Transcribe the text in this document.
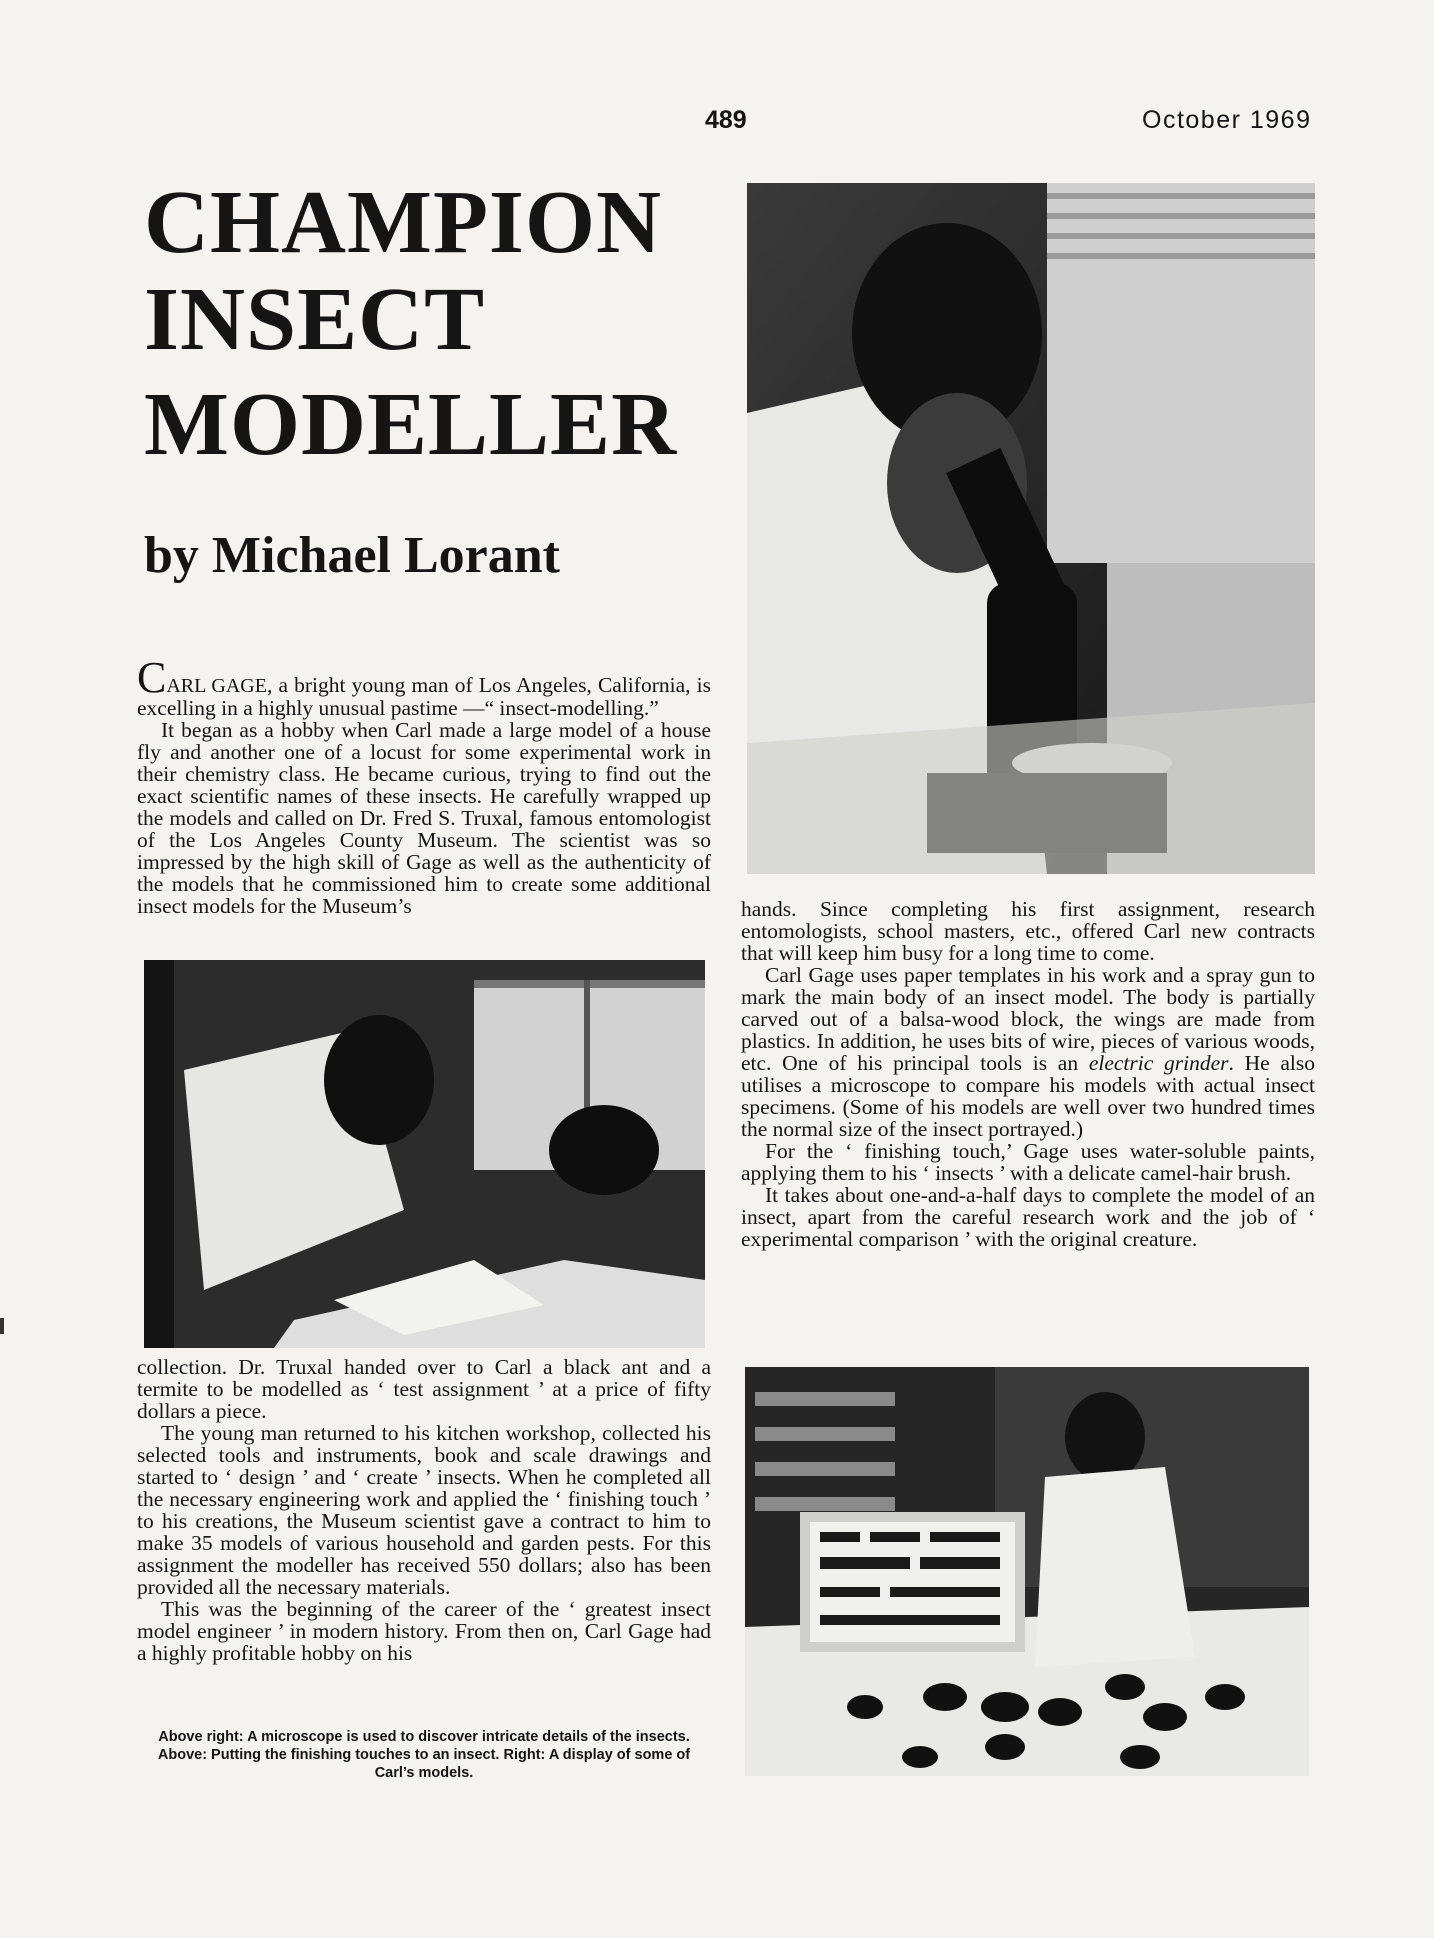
489	October 1969
CHAMPION
INSECT
MODELLER
by Michael Lorant

CARL GAGE, a bright young man of Los Angeles, California, is excelling in a highly unusual pastime —“ insect-modelling.”

It began as a hobby when Carl made a large model of a house fly and another one of a locust for some experimental work in their chemistry class. He became curious, trying to find out the exact scientific names of these insects. He carefully wrapped up the models and called on Dr. Fred S. Truxal, famous entomologist of the Los Angeles County Museum. The scientist was so impressed by the high skill of Gage as well as the authenticity of the models that he commissioned him to create some additional insect models for the Museum’s

collection. Dr. Truxal handed over to Carl a black ant and a termite to be modelled as ‘ test assignment ’ at a price of fifty dollars a piece.

The young man returned to his kitchen workshop, collected his selected tools and instruments, book and scale drawings and started to ‘ design ’ and ‘ create ’ insects. When he completed all the necessary engineering work and applied the ‘ finishing touch ’ to his creations, the Museum scientist gave a contract to him to make 35 models of various household and garden pests. For this assignment the modeller has received 550 dollars; also has been provided all the necessary materials.

This was the beginning of the career of the ‘ greatest insect model engineer ’ in modern history. From then on, Carl Gage had a highly profitable hobby on his

Above right: A microscope is used to discover intricate details of the insects. Above: Putting the finishing touches to an insect. Right: A display of some of Carl’s models.

hands. Since completing his first assignment, research entomologists, school masters, etc., offered Carl new contracts that will keep him busy for a long time to come.

Carl Gage uses paper templates in his work and a spray gun to mark the main body of an insect model. The body is partially carved out of a balsa-wood block, the wings are made from plastics. In addition, he uses bits of wire, pieces of various woods, etc. One of his principal tools is an electric grinder. He also utilises a microscope to compare his models with actual insect specimens. (Some of his models are well over two hundred times the normal size of the insect portrayed.)

For the ‘ finishing touch,’ Gage uses water-soluble paints, applying them to his ‘ insects ’ with a delicate camel-hair brush.

It takes about one-and-a-half days to complete the model of an insect, apart from the careful research work and the job of ‘ experimental comparison ’ with the original creature.
